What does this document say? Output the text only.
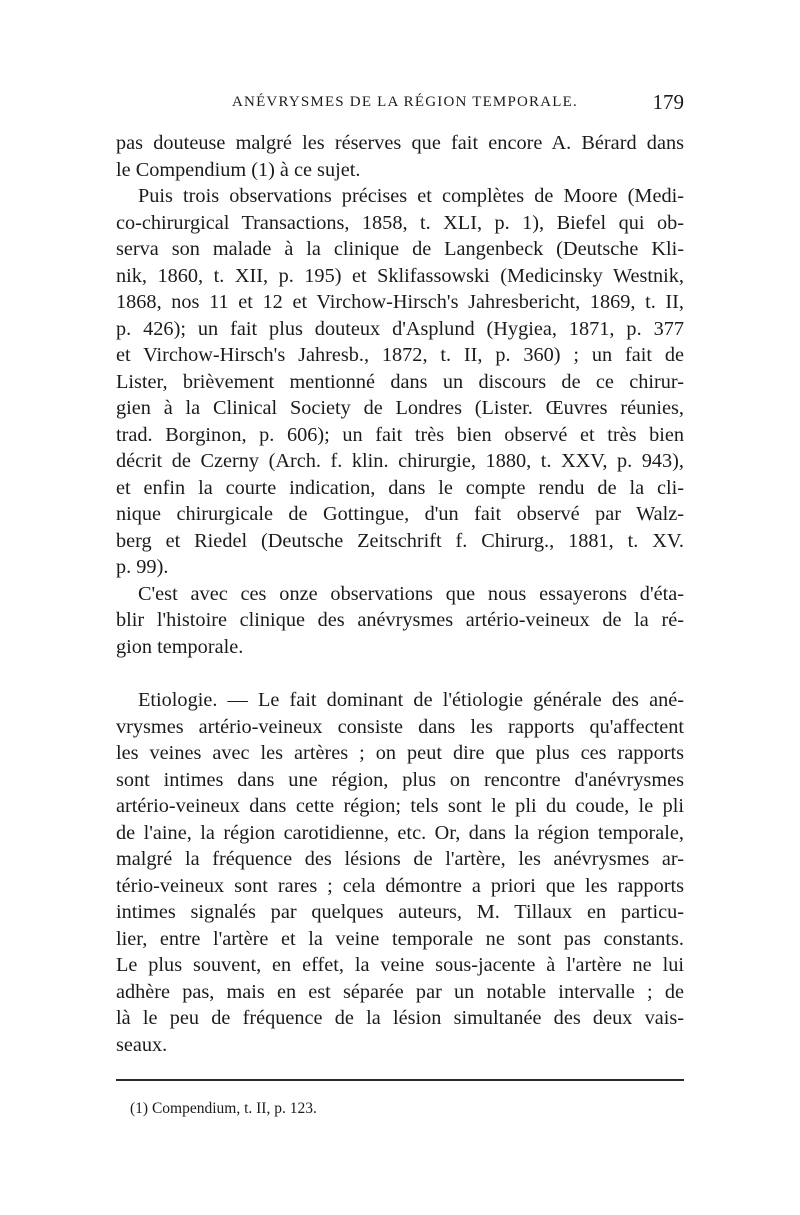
ANÉVRYSMES DE LA RÉGION TEMPORALE.	179
pas douteuse malgré les réserves que fait encore A. Bérard dans
le Compendium (1) à ce sujet.
Puis trois observations précises et complètes de Moore (Medi-
co-chirurgical Transactions, 1858, t. XLI, p. 1), Biefel qui ob-
serva son malade à la clinique de Langenbeck (Deutsche Kli-
nik, 1860, t. XII, p. 195) et Sklifassowski (Medicinsky Westnik,
1868, nos 11 et 12 et Virchow-Hirsch's Jahresbericht, 1869, t. II,
p. 426); un fait plus douteux d'Asplund (Hygiea, 1871, p. 377
et Virchow-Hirsch's Jahresb., 1872, t. II, p. 360) ; un fait de
Lister, brièvement mentionné dans un discours de ce chirur-
gien à la Clinical Society de Londres (Lister. Œuvres réunies,
trad. Borginon, p. 606); un fait très bien observé et très bien
décrit de Czerny (Arch. f. klin. chirurgie, 1880, t. XXV, p. 943),
et enfin la courte indication, dans le compte rendu de la cli-
nique chirurgicale de Gottingue, d'un fait observé par Walz-
berg et Riedel (Deutsche Zeitschrift f. Chirurg., 1881, t. XV.
p. 99).
C'est avec ces onze observations que nous essayerons d'éta-
blir l'histoire clinique des anévrysmes artério-veineux de la ré-
gion temporale.
Etiologie. — Le fait dominant de l'étiologie générale des ané-
vrysmes artério-veineux consiste dans les rapports qu'affectent
les veines avec les artères ; on peut dire que plus ces rapports
sont intimes dans une région, plus on rencontre d'anévrysmes
artério-veineux dans cette région; tels sont le pli du coude, le pli
de l'aine, la région carotidienne, etc. Or, dans la région temporale,
malgré la fréquence des lésions de l'artère, les anévrysmes ar-
tério-veineux sont rares ; cela démontre a priori que les rapports
intimes signalés par quelques auteurs, M. Tillaux en particu-
lier, entre l'artère et la veine temporale ne sont pas constants.
Le plus souvent, en effet, la veine sous-jacente à l'artère ne lui
adhère pas, mais en est séparée par un notable intervalle ; de
là le peu de fréquence de la lésion simultanée des deux vais-
seaux.
(1) Compendium, t. II, p. 123.
